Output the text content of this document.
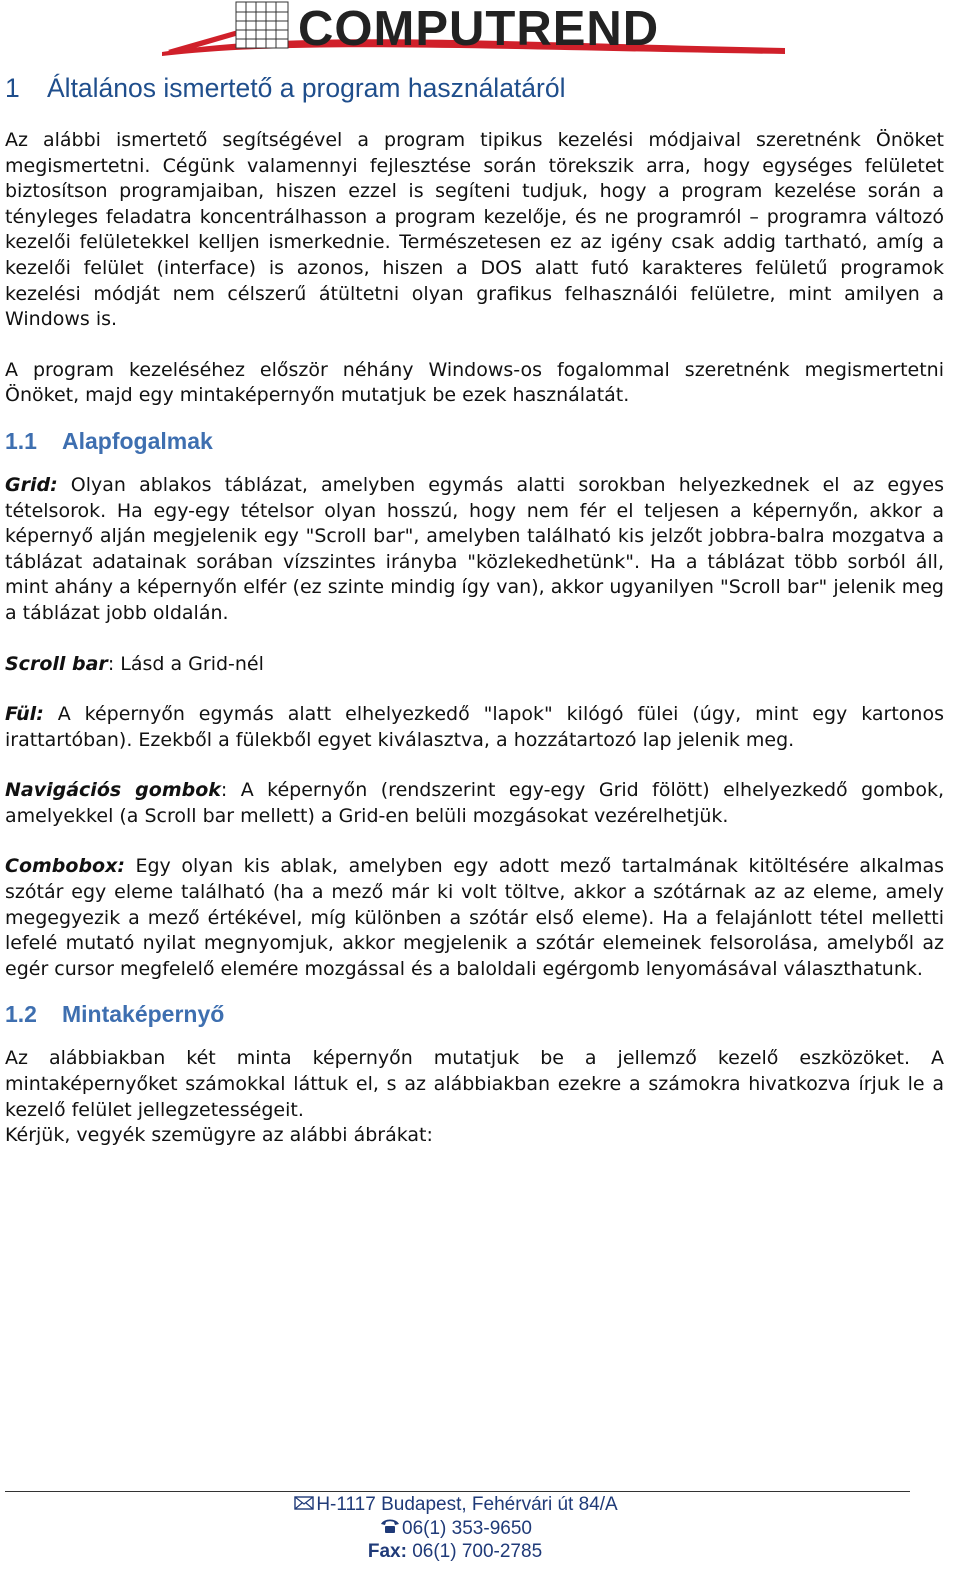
COMPUTREND
1 Általános ismertető a program használatáról

Az alábbi ismertető segítségével a program tipikus kezelési módjaival szeretnénk Önöket megismertetni. Cégünk valamennyi fejlesztése során törekszik arra, hogy egységes felületet biztosítson programjaiban, hiszen ezzel is segíteni tudjuk, hogy a program kezelése során a tényleges feladatra koncentrálhasson a program kezelője, és ne programról – programra változó kezelői felületekkel kelljen ismerkednie. Természetesen ez az igény csak addig tartható, amíg a kezelői felület (interface) is azonos, hiszen a DOS alatt futó karakteres felületű programok kezelési módját nem célszerű átültetni olyan grafikus felhasználói felületre, mint amilyen a Windows is.

A program kezeléséhez először néhány Windows-os fogalommal szeretnénk megismertetni Önöket, majd egy mintaképernyőn mutatjuk be ezek használatát.

1.1 Alapfogalmak

Grid: Olyan ablakos táblázat, amelyben egymás alatti sorokban helyezkednek el az egyes tételsorok. Ha egy-egy tételsor olyan hosszú, hogy nem fér el teljesen a képernyőn, akkor a képernyő alján megjelenik egy "Scroll bar", amelyben található kis jelzőt jobbra-balra mozgatva a táblázat adatainak sorában vízszintes irányba "közlekedhetünk". Ha a táblázat több sorból áll, mint ahány a képernyőn elfér (ez szinte mindig így van), akkor ugyanilyen "Scroll bar" jelenik meg a táblázat jobb oldalán.

Scroll bar: Lásd a Grid-nél

Fül: A képernyőn egymás alatt elhelyezkedő "lapok" kilógó fülei (úgy, mint egy kartonos irattartóban). Ezekből a fülekből egyet kiválasztva, a hozzátartozó lap jelenik meg.

Navigációs gombok: A képernyőn (rendszerint egy-egy Grid fölött) elhelyezkedő gombok, amelyekkel (a Scroll bar mellett) a Grid-en belüli mozgásokat vezérelhetjük.

Combobox: Egy olyan kis ablak, amelyben egy adott mező tartalmának kitöltésére alkalmas szótár egy eleme található (ha a mező már ki volt töltve, akkor a szótárnak az az eleme, amely megegyezik a mező értékével, míg különben a szótár első eleme). Ha a felajánlott tétel melletti lefelé mutató nyilat megnyomjuk, akkor megjelenik a szótár elemeinek felsorolása, amelyből az egér cursor megfelelő elemére mozgással és a baloldali egérgomb lenyomásával választhatunk.

1.2 Mintaképernyő

Az alábbiakban két minta képernyőn mutatjuk be a jellemző kezelő eszközöket. A mintaképernyőket számokkal láttuk el, s az alábbiakban ezekre a számokra hivatkozva írjuk le a kezelő felület jellegzetességeit.

Kérjük, vegyék szemügyre az alábbi ábrákat:

H-1117 Budapest, Fehérvári út 84/A
06(1) 353-9650
Fax: 06(1) 700-2785
